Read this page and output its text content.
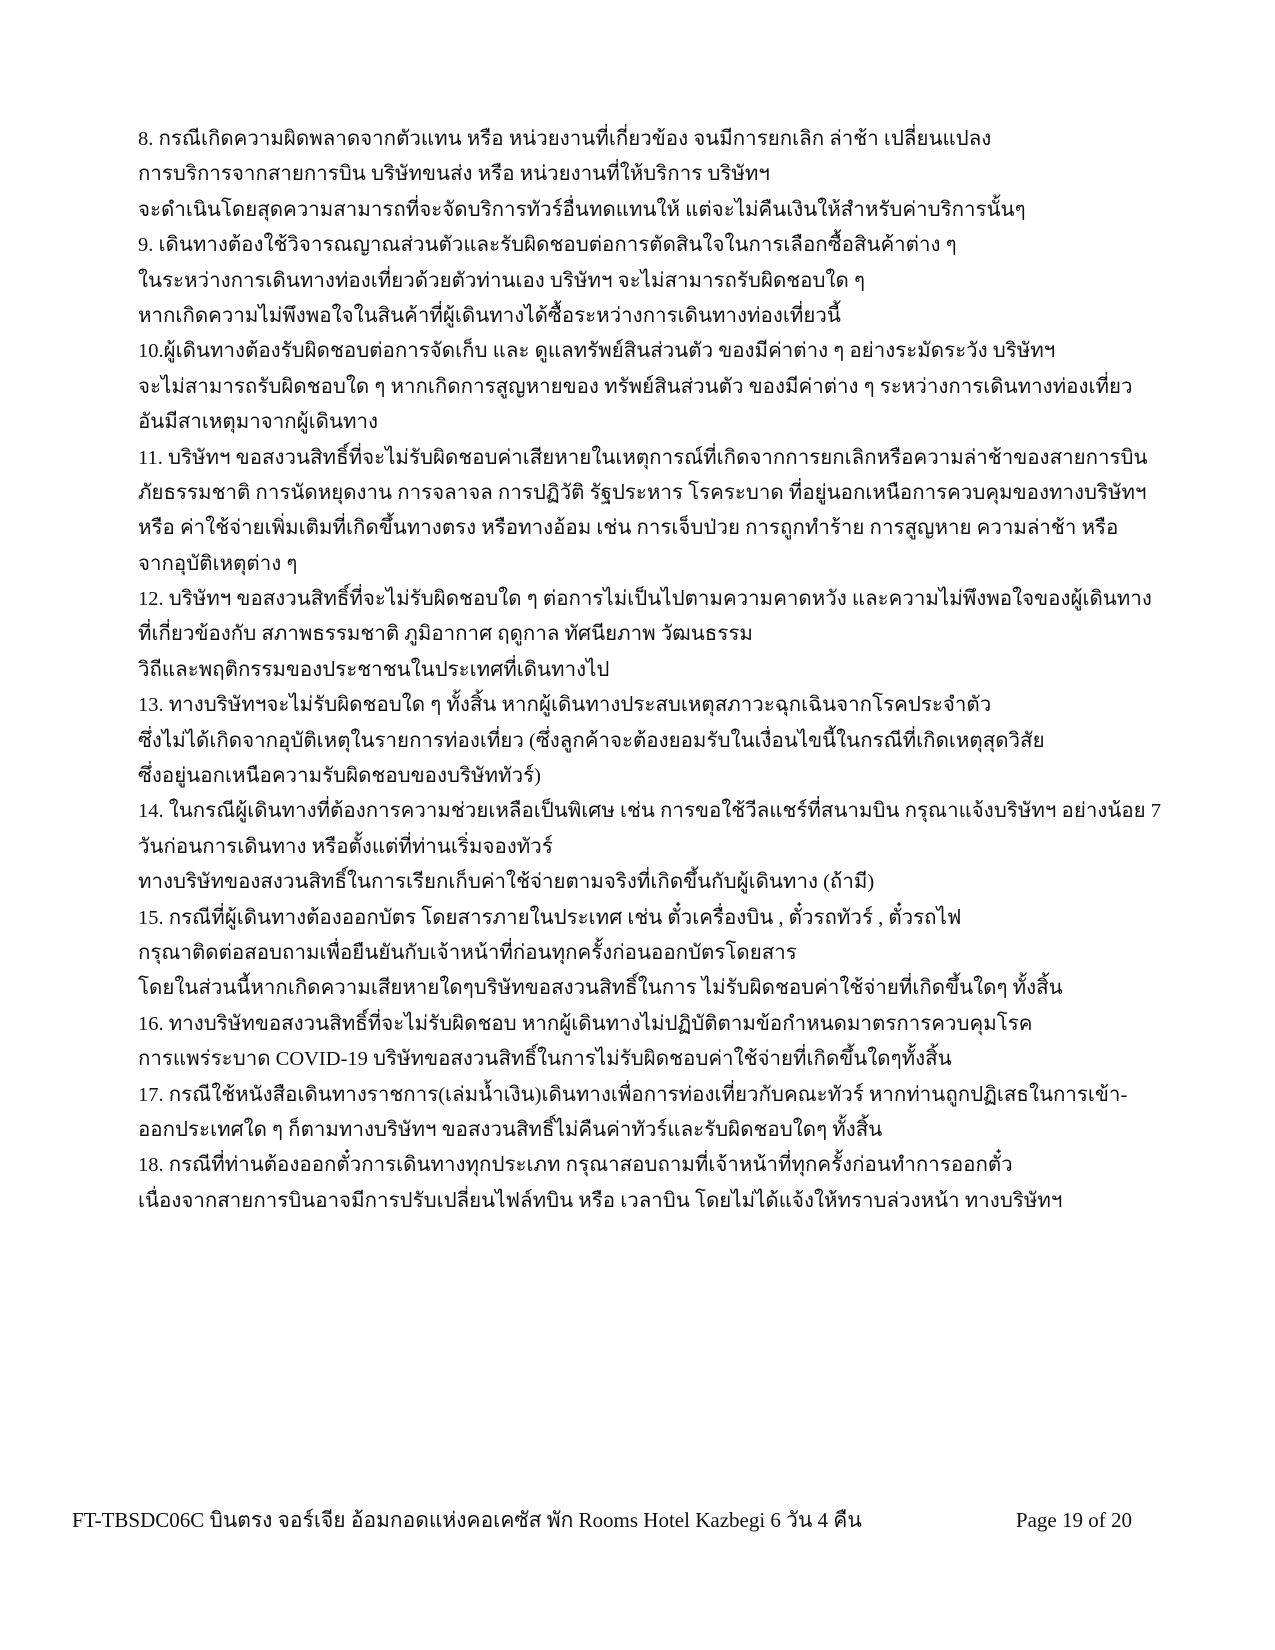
8. กรณีเกิดความผิดพลาดจากตัวแทน หรือ หน่วยงานที่เกี่ยวข้อง จนมีการยกเลิก ล่าช้า เปลี่ยนแปลง
การบริการจากสายการบิน บริษัทขนส่ง หรือ หน่วยงานที่ให้บริการ บริษัทฯ
จะดำเนินโดยสุดความสามารถที่จะจัดบริการทัวร์อื่นทดแทนให้ แต่จะไม่คืนเงินให้สำหรับค่าบริการนั้นๆ
9. เดินทางต้องใช้วิจารณญาณส่วนตัวและรับผิดชอบต่อการตัดสินใจในการเลือกซื้อสินค้าต่าง ๆ
ในระหว่างการเดินทางท่องเที่ยวด้วยตัวท่านเอง บริษัทฯ จะไม่สามารถรับผิดชอบใด ๆ
หากเกิดความไม่พึงพอใจในสินค้าที่ผู้เดินทางได้ซื้อระหว่างการเดินทางท่องเที่ยวนี้
10.ผู้เดินทางต้องรับผิดชอบต่อการจัดเก็บ และ ดูแลทรัพย์สินส่วนตัว ของมีค่าต่าง ๆ อย่างระมัดระวัง บริษัทฯ
จะไม่สามารถรับผิดชอบใด ๆ หากเกิดการสูญหายของ ทรัพย์สินส่วนตัว ของมีค่าต่าง ๆ ระหว่างการเดินทางท่องเที่ยว
อันมีสาเหตุมาจากผู้เดินทาง
11. บริษัทฯ ขอสงวนสิทธิ์ที่จะไม่รับผิดชอบค่าเสียหายในเหตุการณ์ที่เกิดจากการยกเลิกหรือความล่าช้าของสายการบิน
ภัยธรรมชาติ การนัดหยุดงาน การจลาจล การปฏิวัติ รัฐประหาร โรคระบาด ที่อยู่นอกเหนือการควบคุมของทางบริษัทฯ
หรือ ค่าใช้จ่ายเพิ่มเติมที่เกิดขึ้นทางตรง หรือทางอ้อม เช่น การเจ็บป่วย การถูกทำร้าย การสูญหาย ความล่าช้า หรือ
จากอุบัติเหตุต่าง ๆ
12. บริษัทฯ ขอสงวนสิทธิ์ที่จะไม่รับผิดชอบใด ๆ ต่อการไม่เป็นไปตามความคาดหวัง และความไม่พึงพอใจของผู้เดินทาง
ที่เกี่ยวข้องกับ สภาพธรรมชาติ ภูมิอากาศ ฤดูกาล ทัศนียภาพ วัฒนธรรม
วิถีและพฤติกรรมของประชาชนในประเทศที่เดินทางไป
13. ทางบริษัทฯจะไม่รับผิดชอบใด ๆ ทั้งสิ้น หากผู้เดินทางประสบเหตุสภาวะฉุกเฉินจากโรคประจำตัว
ซึ่งไม่ได้เกิดจากอุบัติเหตุในรายการท่องเที่ยว (ซึ่งลูกค้าจะต้องยอมรับในเงื่อนไขนี้ในกรณีที่เกิดเหตุสุดวิสัย
ซึ่งอยู่นอกเหนือความรับผิดชอบของบริษัททัวร์)
14. ในกรณีผู้เดินทางที่ต้องการความช่วยเหลือเป็นพิเศษ เช่น การขอใช้วีลแชร์ที่สนามบิน กรุณาแจ้งบริษัทฯ อย่างน้อย 7
วันก่อนการเดินทาง หรือตั้งแต่ที่ท่านเริ่มจองทัวร์
ทางบริษัทของสงวนสิทธิ์ในการเรียกเก็บค่าใช้จ่ายตามจริงที่เกิดขึ้นกับผู้เดินทาง (ถ้ามี)
15. กรณีที่ผู้เดินทางต้องออกบัตร โดยสารภายในประเทศ เช่น ตั๋วเครื่องบิน , ตั๋วรถทัวร์ , ตั๋วรถไฟ
กรุณาติดต่อสอบถามเพื่อยืนยันกับเจ้าหน้าที่ก่อนทุกครั้งก่อนออกบัตรโดยสาร
โดยในส่วนนี้หากเกิดความเสียหายใดๆบริษัทขอสงวนสิทธิ์ในการ ไม่รับผิดชอบค่าใช้จ่ายที่เกิดขึ้นใดๆ ทั้งสิ้น
16. ทางบริษัทขอสงวนสิทธิ์ที่จะไม่รับผิดชอบ หากผู้เดินทางไม่ปฏิบัติตามข้อกำหนดมาตรการควบคุมโรค
การแพร่ระบาด COVID-19 บริษัทขอสงวนสิทธิ์ในการไม่รับผิดชอบค่าใช้จ่ายที่เกิดขึ้นใดๆทั้งสิ้น
17. กรณีใช้หนังสือเดินทางราชการ(เล่มน้ำเงิน)เดินทางเพื่อการท่องเที่ยวกับคณะทัวร์ หากท่านถูกปฏิเสธในการเข้า-
ออกประเทศใด ๆ ก็ตามทางบริษัทฯ ขอสงวนสิทธิ์ไม่คืนค่าทัวร์และรับผิดชอบใดๆ ทั้งสิ้น
18. กรณีที่ท่านต้องออกตั๋วการเดินทางทุกประเภท กรุณาสอบถามที่เจ้าหน้าที่ทุกครั้งก่อนทำการออกตั๋ว
เนื่องจากสายการบินอาจมีการปรับเปลี่ยนไฟล์ทบิน หรือ เวลาบิน โดยไม่ได้แจ้งให้ทราบล่วงหน้า ทางบริษัทฯ
FT-TBSDC06C บินตรง จอร์เจีย อ้อมกอดแห่งคอเคซัส พัก Rooms Hotel Kazbegi 6 วัน 4 คืน	Page 19 of 20
